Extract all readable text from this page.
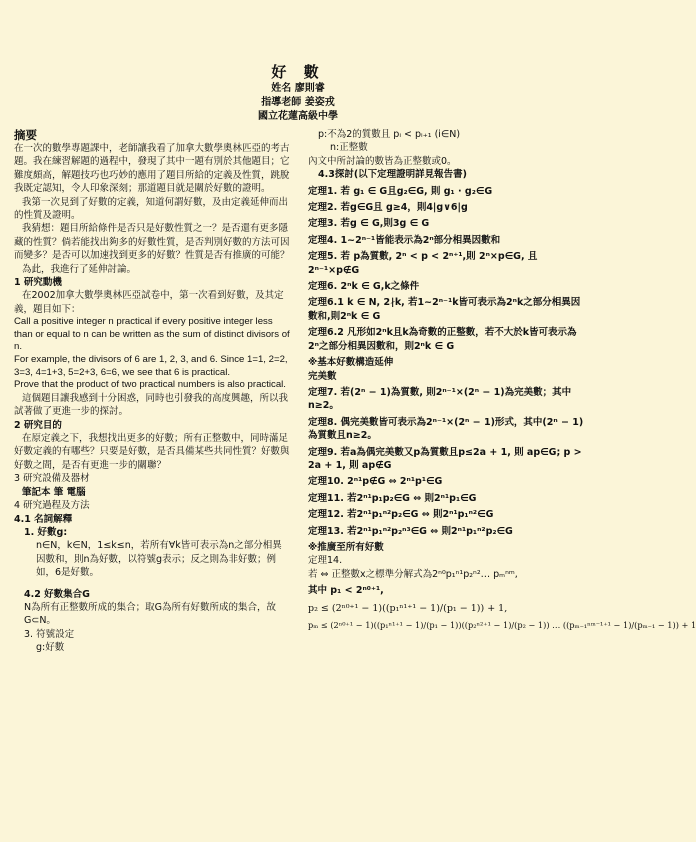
好 數
姓名 廖則睿
指導老師 姜姿戎
國立花蓮高級中學

摘要

在一次的數學專題課中，老師讓我看了加拿大數學奧林匹亞的考古題。我在練習解題的過程中，發現了其中一題有別於其他題目；它難度頗高，解題技巧也巧妙的應用了題目所給的定義及性質，跳脫我既定認知，令人印象深刻；那道題目就是關於好數的證明。

我第一次見到了好數的定義，知道何謂好數，及由定義延伸而出的性質及證明。

我猜想：題目所給條件是否只是好數性質之一？是否還有更多隱藏的性質？倘若能找出夠多的好數性質，是否判別好數的方法可因而變多？是否可以加速找到更多的好數？性質是否有推廣的可能？

為此，我進行了延伸討論。

1 研究動機

在2002加拿大數學奧林匹亞試卷中，第一次看到好數，及其定義，題目如下：

Call a positive integer n practical if every positive integer less than or equal to n can be written as the sum of distinct divisors of n.

For example, the divisors of 6 are 1, 2, 3, and 6. Since 1=1, 2=2, 3=3, 4=1+3, 5=2+3, 6=6, we see that 6 is practical.

Prove that the product of two practical numbers is also practical.

這個題目讓我感到十分困惑，同時也引發我的高度興趣，所以我試著做了更進一步的探討。

2 研究目的

在原定義之下，我想找出更多的好數；所有正整數中，同時滿足好數定義的有哪些？只要是好數，是否具備某些共同性質？好數與好數之間，是否有更進一步的關聯？

3 研究設備及器材

筆記本 筆 電腦

4 研究過程及方法

4.1 名詞解釋

1. 好數g:

n∈N，k∈N，1≤k≤n，若所有∀k皆可表示為n之部分相異因數和，則n為好數，以符號g表示；反之則為非好數；例如，6是好數。

4.2 好數集合G

N為所有正整數所成的集合；取G為所有好數所成的集合，故G⊂N。

3. 符號設定

g:好數

p:不為2的質數且 pᵢ < pᵢ₊₁ (i∈N)

n:正整數

內文中所討論的數皆為正整數或0。

4.3探討(以下定理證明詳見報告書)

定理1. 若 g₁ ∈ G且g₂∈G, 則 g₁ · g₂∈G

定理2. 若g∈G且 g≥4，則4|g∨6|g

定理3. 若g ∈ G,則3g ∈ G

定理4. 1~2ⁿ⁻¹皆能表示為2ⁿ部分相異因數和

定理5. 若 p為質數, 2ⁿ < p < 2ⁿ⁺¹,則 2ⁿ×p∈G, 且 2ⁿ⁻¹×p∉G

定理6. 2ⁿk ∈ G,k之條件

定理6.1 k ∈ N, 2∤k, 若1~2ⁿ⁻¹k皆可表示為2ⁿk之部分相異因數和,則2ⁿk ∈ G

定理6.2 凡形如2ⁿk且k為奇數的正整數，若不大於k皆可表示為2ⁿ之部分相異因數和，則2ⁿk ∈ G

※基本好數構造延伸

完美數

定理7. 若(2ⁿ − 1)為質數, 則2ⁿ⁻¹×(2ⁿ − 1)為完美數；其中n≥2。

定理8. 偶完美數皆可表示為2ⁿ⁻¹×(2ⁿ − 1)形式，其中(2ⁿ − 1)為質數且n≥2。

定理9. 若a為偶完美數又p為質數且p≤2a + 1, 則 ap∈G; p > 2a + 1, 則 ap∉G

定理10. 2ⁿ¹p∉G ⇔ 2ⁿ¹p¹∈G

定理11. 若2ⁿ¹p₁p₂∈G ⇔ 則2ⁿ¹p₁∈G

定理12. 若2ⁿ¹p₁ⁿ²p₂∈G ⇔ 則2ⁿ¹p₁ⁿ²∈G

定理13. 若2ⁿ¹p₁ⁿ²p₂ⁿ³∈G ⇔ 則2ⁿ¹p₁ⁿ²p₂∈G

※推廣至所有好數

定理14.

若 ⇔ 正整數x之標準分解式為2ⁿ⁰p₁ⁿ¹p₂ⁿ²… pₘⁿᵐ,

其中 p₁ < 2ⁿ⁰⁺¹,

p₂ ≤ (2ⁿ⁰⁺¹ − 1)((p₁ⁿ¹⁺¹ − 1)/(p₁ − 1)) + 1,

pₘ ≤ (2ⁿ⁰⁺¹ − 1)((p₁ⁿ¹⁺¹ − 1)/(p₁ − 1))((p₂ⁿ²⁺¹ − 1)/(p₂ − 1)) … ((pₘ₋₁ⁿᵐ⁻¹⁺¹ − 1)/(pₘ₋₁ − 1)) + 1
